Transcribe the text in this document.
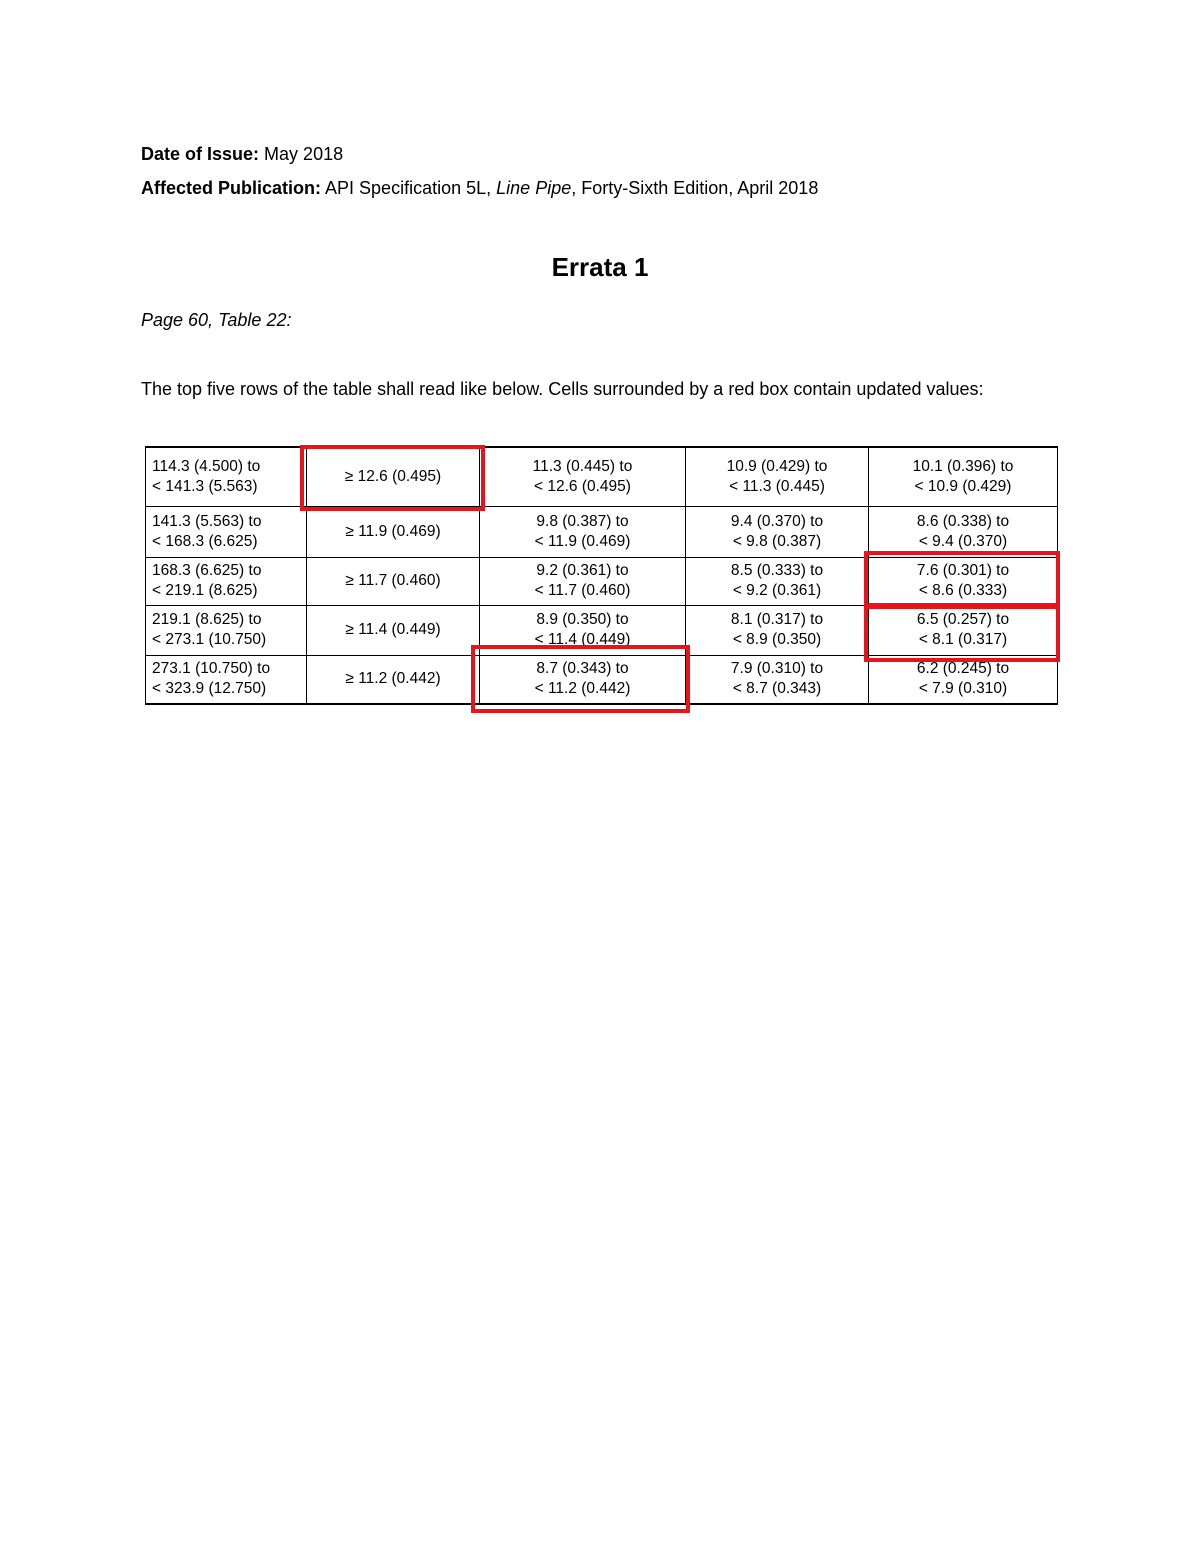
Date of Issue: May 2018
Affected Publication: API Specification 5L, Line Pipe, Forty-Sixth Edition, April 2018
Errata 1
Page 60, Table 22:
The top five rows of the table shall read like below. Cells surrounded by a red box contain updated values:
114.3 (4.500) to
< 141.3 (5.563)	≥ 12.6 (0.495)	11.3 (0.445) to
< 12.6 (0.495)	10.9 (0.429) to
< 11.3 (0.445)	10.1 (0.396) to
< 10.9 (0.429)

141.3 (5.563) to
< 168.3 (6.625)	≥ 11.9 (0.469)	9.8 (0.387) to
< 11.9 (0.469)	9.4 (0.370) to
< 9.8 (0.387)	8.6 (0.338) to
< 9.4 (0.370)

168.3 (6.625) to
< 219.1 (8.625)	≥ 11.7 (0.460)	9.2 (0.361) to
< 11.7 (0.460)	8.5 (0.333) to
< 9.2 (0.361)	7.6 (0.301) to
< 8.6 (0.333)

219.1 (8.625) to
< 273.1 (10.750)	≥ 11.4 (0.449)	8.9 (0.350) to
< 11.4 (0.449)	8.1 (0.317) to
< 8.9 (0.350)	6.5 (0.257) to
< 8.1 (0.317)

273.1 (10.750) to
< 323.9 (12.750)	≥ 11.2 (0.442)	8.7 (0.343) to
< 11.2 (0.442)	7.9 (0.310) to
< 8.7 (0.343)	6.2 (0.245) to
< 7.9 (0.310)
